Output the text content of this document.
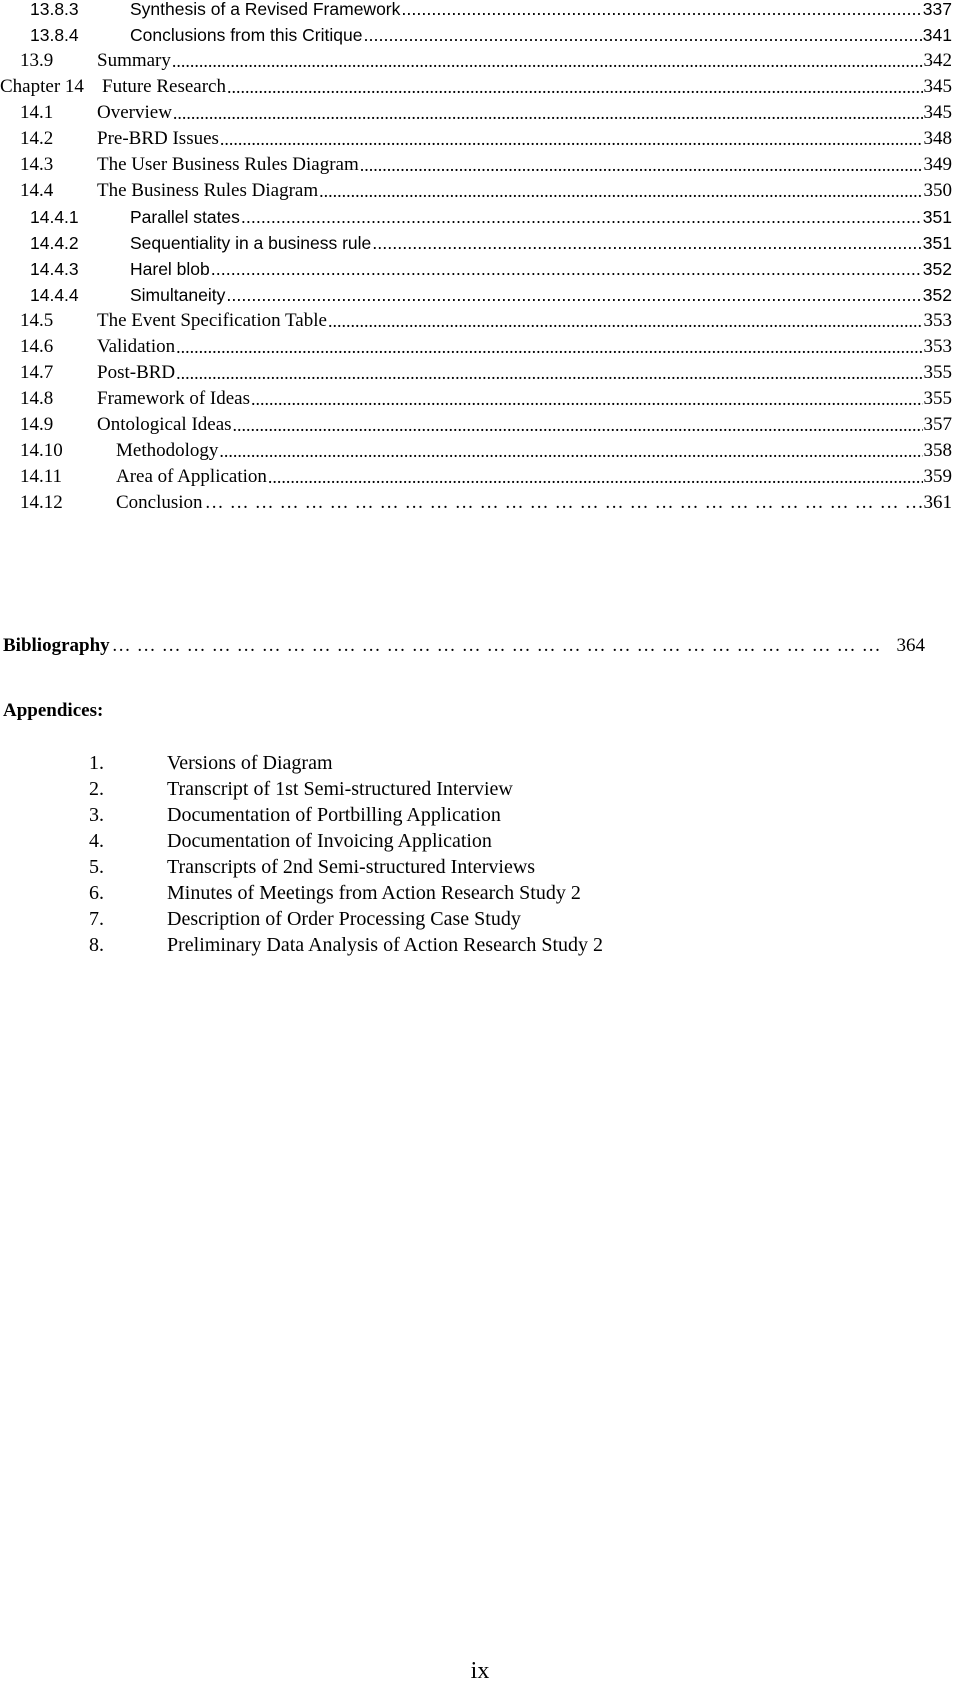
13.8.3	Synthesis of a Revised Framework .....	337
13.8.4	Conclusions from this Critique .....	341
13.9	Summary .....	342
Chapter 14 Future Research .....	345
14.1	Overview .....	345
14.2	Pre-BRD Issues .....	348
14.3	The User Business Rules Diagram .....	349
14.4	The Business Rules Diagram .....	350
14.4.1	Parallel states .....	351
14.4.2	Sequentiality in a business rule .....	351
14.4.3	Harel blob .....	352
14.4.4	Simultaneity .....	352
14.5	The Event Specification Table .....	353
14.6	Validation .....	353
14.7	Post-BRD .....	355
14.8	Framework of Ideas .....	355
14.9	Ontological Ideas .....	357
14.10	Methodology .....	358
14.11	Area of Application .....	359
14.12	Conclusion ……………………………………………………………………………………………………………………………………………………………	361
Bibliography ……………………………………………………………………………………………………………………………………………………………	364
Appendices:
1.	Versions of Diagram
2.	Transcript of 1st Semi-structured Interview
3.	Documentation of Portbilling Application
4.	Documentation of Invoicing Application
5.	Transcripts of 2nd Semi-structured Interviews
6.	Minutes of Meetings from Action Research Study 2
7.	Description of Order Processing Case Study
8.	Preliminary Data Analysis of Action Research Study 2
ix
